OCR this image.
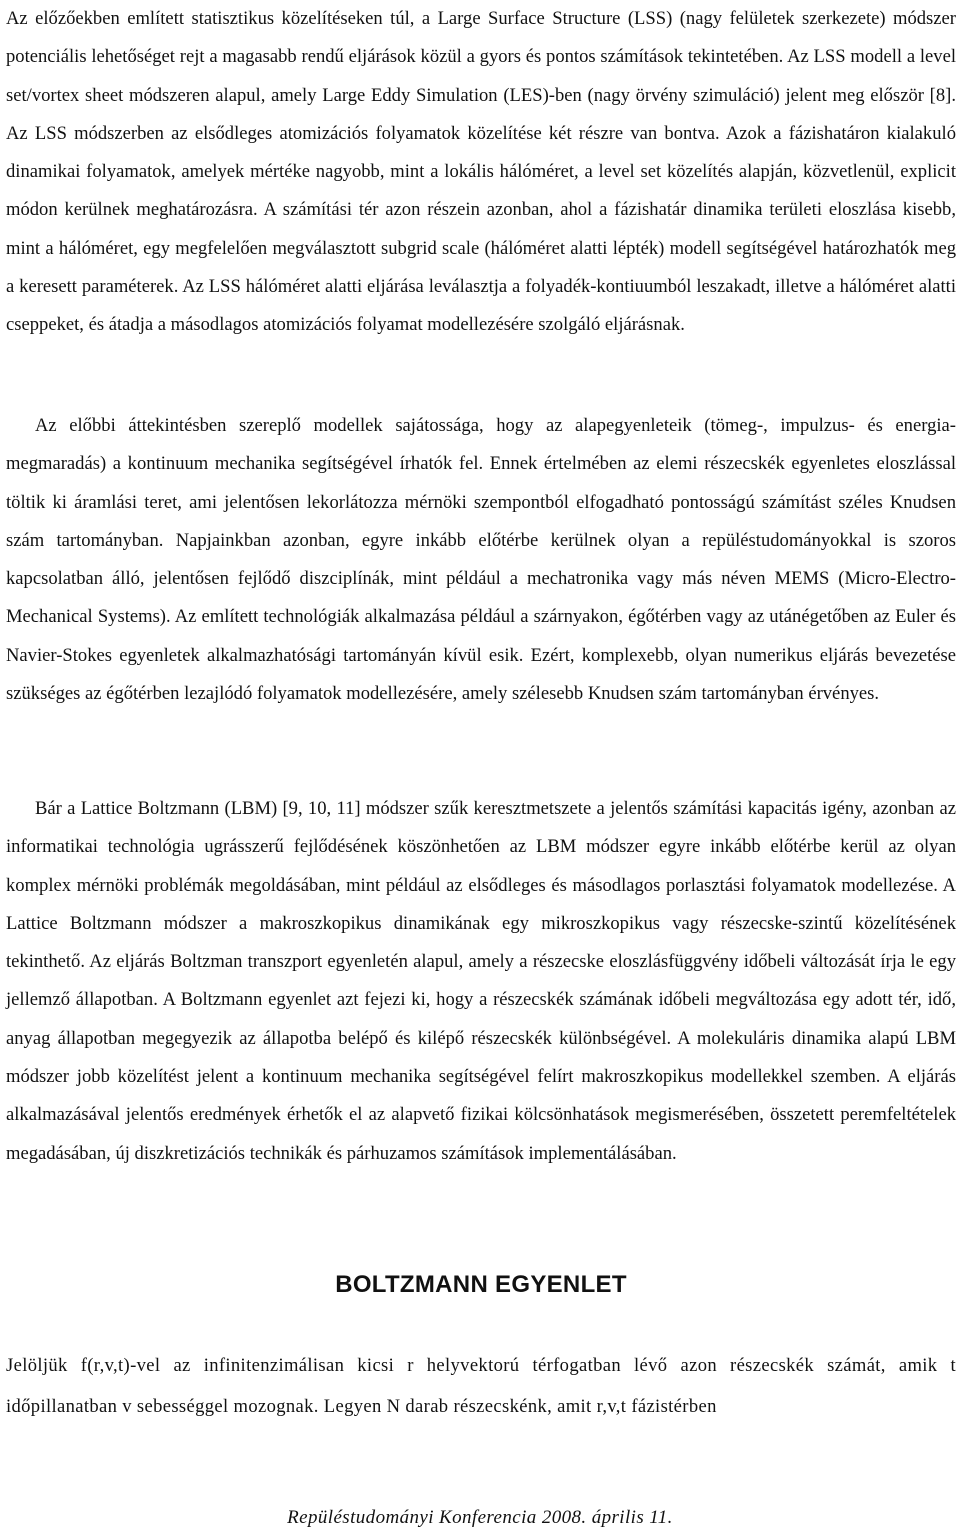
Az előzőekben említett statisztikus közelítéseken túl, a Large Surface Structure (LSS) (nagy felületek szerkezete) módszer potenciális lehetőséget rejt a magasabb rendű eljárások közül a gyors és pontos számítások tekintetében. Az LSS modell a level set/vortex sheet módszeren alapul, amely Large Eddy Simulation (LES)-ben (nagy örvény szimuláció) jelent meg először [8]. Az LSS módszerben az elsődleges atomizációs folyamatok közelítése két részre van bontva. Azok a fázishatáron kialakuló dinamikai folyamatok, amelyek mértéke nagyobb, mint a lokális hálóméret, a level set közelítés alapján, közvetlenül, explicit módon kerülnek meghatározásra. A számítási tér azon részein azonban, ahol a fázishatár dinamika területi eloszlása kisebb, mint a hálóméret, egy megfelelően megválasztott subgrid scale (hálóméret alatti lépték) modell segítségével határozhatók meg a keresett paraméterek. Az LSS hálóméret alatti eljárása leválasztja a folyadék-kontiuumból leszakadt, illetve a hálóméret alatti cseppeket, és átadja a másodlagos atomizációs folyamat modellezésére szolgáló eljárásnak.

Az előbbi áttekintésben szereplő modellek sajátossága, hogy az alapegyenleteik (tömeg-, impulzus- és energia-megmaradás) a kontinuum mechanika segítségével írhatók fel. Ennek értelmében az elemi részecskék egyenletes eloszlással töltik ki áramlási teret, ami jelentősen lekorlátozza mérnöki szempontból elfogadható pontosságú számítást széles Knudsen szám tartományban. Napjainkban azonban, egyre inkább előtérbe kerülnek olyan a repüléstudományokkal is szoros kapcsolatban álló, jelentősen fejlődő diszciplínák, mint például a mechatronika vagy más néven MEMS (Micro-Electro-Mechanical Systems). Az említett technológiák alkalmazása például a szárnyakon, égőtérben vagy az utánégetőben az Euler és Navier-Stokes egyenletek alkalmazhatósági tartományán kívül esik. Ezért, komplexebb, olyan numerikus eljárás bevezetése szükséges az égőtérben lezajlódó folyamatok modellezésére, amely szélesebb Knudsen szám tartományban érvényes.

Bár a Lattice Boltzmann (LBM) [9, 10, 11] módszer szűk keresztmetszete a jelentős számítási kapacitás igény, azonban az informatikai technológia ugrásszerű fejlődésének köszönhetően az LBM módszer egyre inkább előtérbe kerül az olyan komplex mérnöki problémák megoldásában, mint például az elsődleges és másodlagos porlasztási folyamatok modellezése. A Lattice Boltzmann módszer a makroszkopikus dinamikának egy mikroszkopikus vagy részecske-szintű közelítésének tekinthető. Az eljárás Boltzman transzport egyenletén alapul, amely a részecske eloszlásfüggvény időbeli változását írja le egy jellemző állapotban. A Boltzmann egyenlet azt fejezi ki, hogy a részecskék számának időbeli megváltozása egy adott tér, idő, anyag állapotban megegyezik az állapotba belépő és kilépő részecskék különbségével. A molekuláris dinamika alapú LBM módszer jobb közelítést jelent a kontinuum mechanika segítségével felírt makroszkopikus modellekkel szemben. A eljárás alkalmazásával jelentős eredmények érhetők el az alapvető fizikai kölcsönhatások megismerésében, összetett peremfeltételek megadásában, új diszkretizációs technikák és párhuzamos számítások implementálásában.

BOLTZMANN EGYENLET

Jelöljük f(r,v,t)-vel az infinitenzimálisan kicsi r helyvektorú térfogatban lévő azon részecskék számát, amik t időpillanatban v sebességgel mozognak. Legyen N darab részecskénk, amit r,v,t fázistérben

Repüléstudományi Konferencia 2008. április 11.
